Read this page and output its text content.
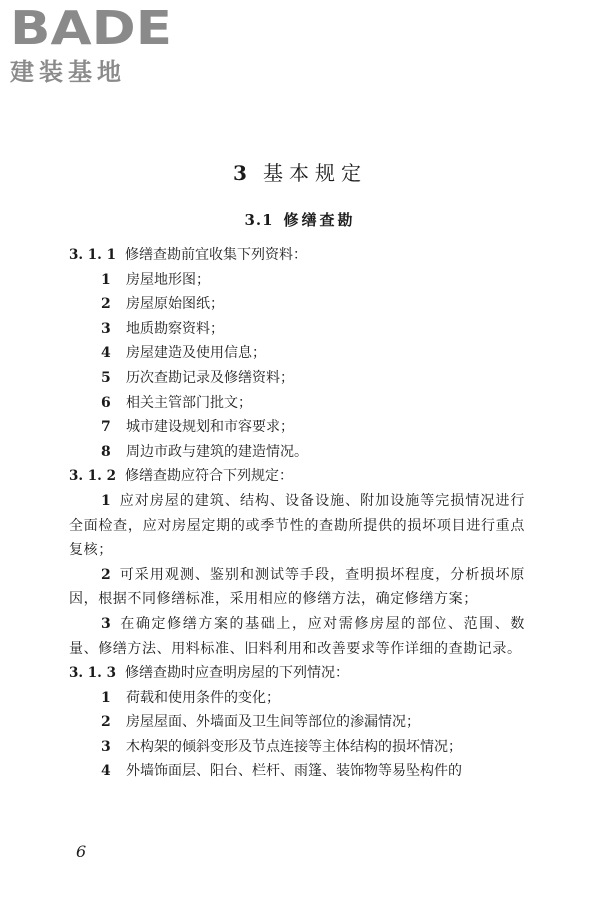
BADE
建装基地
3 基本规定
3.1 修缮查勘
3. 1. 1 修缮查勘前宜收集下列资料：
1 房屋地形图；
2 房屋原始图纸；
3 地质勘察资料；
4 房屋建造及使用信息；
5 历次查勘记录及修缮资料；
6 相关主管部门批文；
7 城市建设规划和市容要求；
8 周边市政与建筑的建造情况。
3. 1. 2 修缮查勘应符合下列规定：
1 应对房屋的建筑、结构、设备设施、附加设施等完损情况进行全面检查，应对房屋定期的或季节性的查勘所提供的损坏项目进行重点复核；
2 可采用观测、鉴别和测试等手段，查明损坏程度，分析损坏原因，根据不同修缮标准，采用相应的修缮方法，确定修缮方案；
3 在确定修缮方案的基础上，应对需修房屋的部位、范围、数量、修缮方法、用料标准、旧料利用和改善要求等作详细的查勘记录。
3. 1. 3 修缮查勘时应查明房屋的下列情况：
1 荷载和使用条件的变化；
2 房屋屋面、外墙面及卫生间等部位的渗漏情况；
3 木构架的倾斜变形及节点连接等主体结构的损坏情况；
4 外墙饰面层、阳台、栏杆、雨篷、装饰物等易坠构件的
6
